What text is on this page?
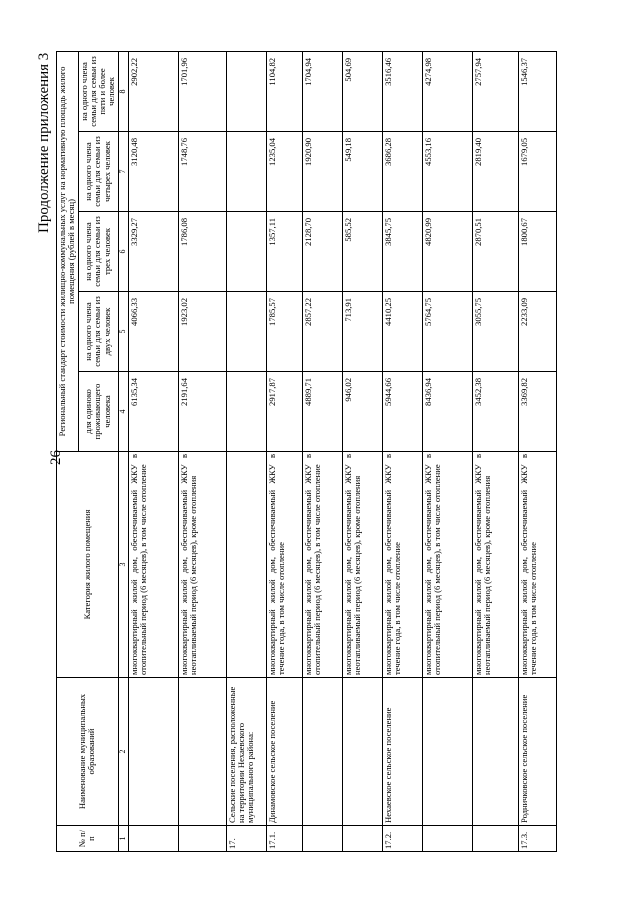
26
Продолжение приложения 3
№ п/п	Наименование муниципальных образований	Категория жилого помещения	Региональный стандарт стоимости жилищно-коммунальных услуг на нормативную площадь жилого помещения (рублей в месяц)				
			для одиноко проживающего человека	на одного члена семьи для семьи из двух человек	на одного члена семьи для семьи из трех человек	на одного члена семьи для семьи из четырех человек	на одного члена семьи для семьи из пяти и более человек
1	2	3	4	5	6	7	8
		многоквартирный жилой дом, обеспечиваемый ЖКУ в отопительный период (6 месяцев), в том числе отопление	6135,34	4066,33	3329,27	3120,48	2902,22
		многоквартирный жилой дом, обеспечиваемый ЖКУ в неотапливаемый период (6 месяцев), кроме отопления	2191,64	1923,02	1786,08	1748,76	1701,96
17.	Сельские поселения, расположенные на территории Нехаевского муниципального района:						
17.1.	Динамовское сельское поселение	многоквартирный жилой дом, обеспечиваемый ЖКУ в течение года, в том числе отопление	2917,87	1785,57	1357,11	1235,04	1104,82
		многоквартирный жилой дом, обеспечиваемый ЖКУ в отопительный период (6 месяцев), в том числе отопление	4889,71	2857,22	2128,70	1920,90	1704,94
		многоквартирный жилой дом, обеспечиваемый ЖКУ в неотапливаемый период (6 месяцев), кроме отопления	946,02	713,91	585,52	549,18	504,69
17.2.	Нехаевское сельское поселение	многоквартирный жилой дом, обеспечиваемый ЖКУ в течение года, в том числе отопление	5944,66	4410,25	3845,75	3686,28	3516,46
		многоквартирный жилой дом, обеспечиваемый ЖКУ в отопительный период (6 месяцев), в том числе отопление	8436,94	5764,75	4820,99	4553,16	4274,98
		многоквартирный жилой дом, обеспечиваемый ЖКУ в неотапливаемый период (6 месяцев), кроме отопления	3452,38	3055,75	2870,51	2819,40	2757,94
17.3.	Родничковское сельское поселение	многоквартирный жилой дом, обеспечиваемый ЖКУ в течение года, в том числе отопление	3369,82	2233,09	1800,67	1679,05	1546,37
